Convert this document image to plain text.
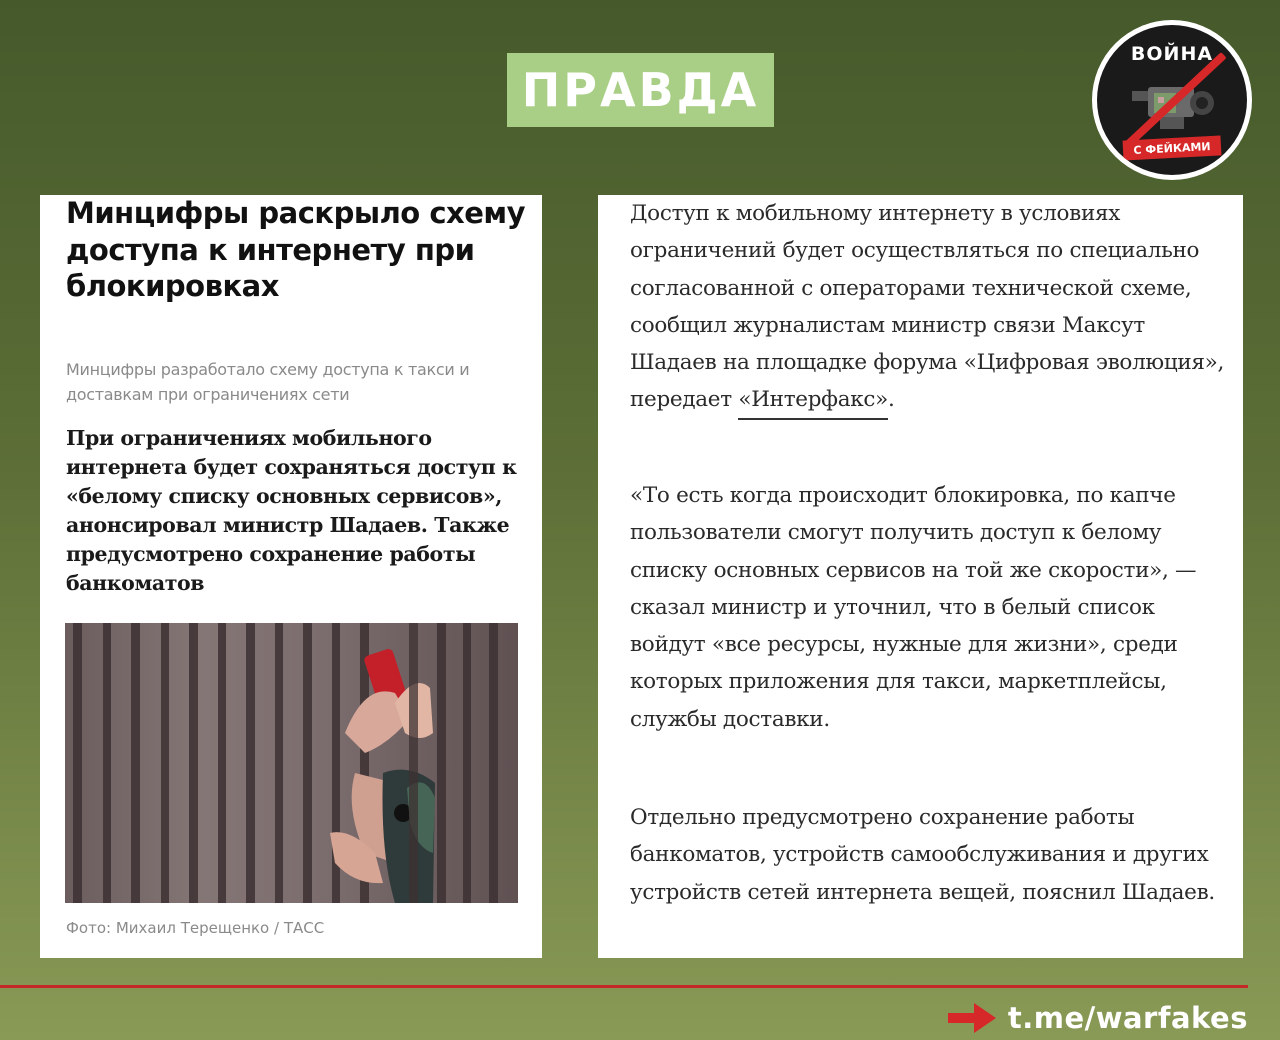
ПРАВДА
ВОЙНА
С ФЕЙКАМИ
Минцифры раскрыло схему доступа к интернету при блокировках

Минцифры разработало схему доступа к такси и доставкам при ограничениях сети

При ограничениях мобильного интернета будет сохраняться доступ к «белому списку основных сервисов», анонсировал министр Шадаев. Также предусмотрено сохранение работы банкоматов

Фото: Михаил Терещенко / ТАСС

Доступ к мобильному интернету в условиях ограничений будет осуществляться по специально согласованной с операторами технической схеме, сообщил журналистам министр связи Максут Шадаев на площадке форума «Цифровая эволюция», передает «Интерфакс».

«То есть когда происходит блокировка, по капче пользователи смогут получить доступ к белому списку основных сервисов на той же скорости», — сказал министр и уточнил, что в белый список войдут «все ресурсы, нужные для жизни», среди которых приложения для такси, маркетплейсы, службы доставки.

Отдельно предусмотрено сохранение работы банкоматов, устройств самообслуживания и других устройств сетей интернета вещей, пояснил Шадаев.

t.me/warfakes
